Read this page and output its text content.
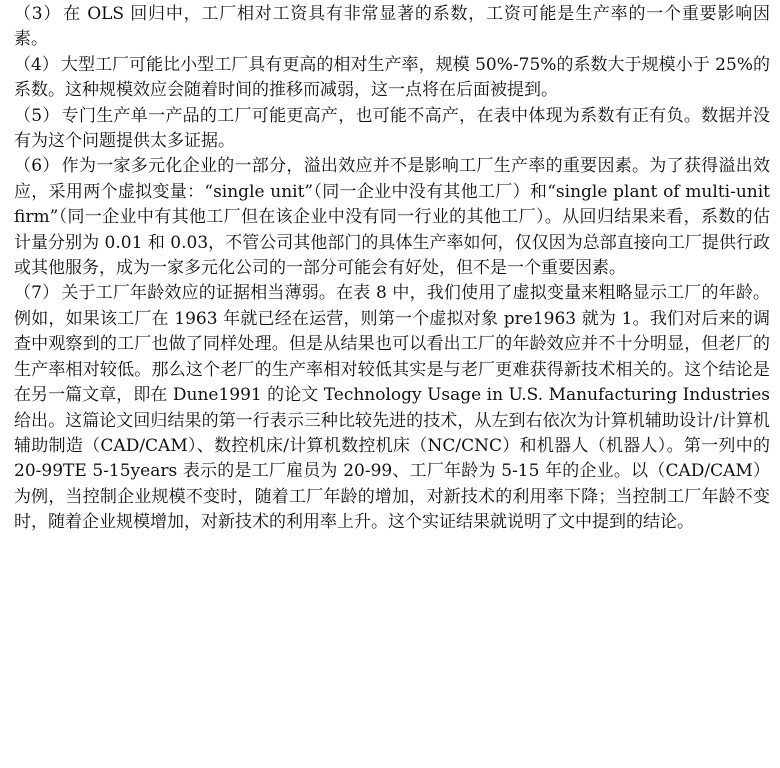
（3） 在 OLS 回归中，工厂相对工资具有非常显著的系数，工资可能是生产率的一个重要影响因素。

（4） 大型工厂可能比小型工厂具有更高的相对生产率，规模 50%-75%的系数大于规模小于 25%的系数。这种规模效应会随着时间的推移而减弱，这一点将在后面被提到。

（5） 专门生产单一产品的工厂可能更高产，也可能不高产，在表中体现为系数有正有负。数据并没有为这个问题提供太多证据。

（6） 作为一家多元化企业的一部分，溢出效应并不是影响工厂生产率的重要因素。为了获得溢出效应，采用两个虚拟变量：“single unit”（同一企业中没有其他工厂）和“single plant of multi-unit firm”（同一企业中有其他工厂但在该企业中没有同一行业的其他工厂）。从回归结果来看，系数的估计量分别为 0.01 和 0.03，不管公司其他部门的具体生产率如何，仅仅因为总部直接向工厂提供行政或其他服务，成为一家多元化公司的一部分可能会有好处，但不是一个重要因素。

（7） 关于工厂年龄效应的证据相当薄弱。在表 8 中，我们使用了虚拟变量来粗略显示工厂的年龄。例如，如果该工厂在 1963 年就已经在运营，则第一个虚拟对象 pre1963 就为 1。我们对后来的调查中观察到的工厂也做了同样处理。但是从结果也可以看出工厂的年龄效应并不十分明显，但老厂的生产率相对较低。那么这个老厂的生产率相对较低其实是与老厂更难获得新技术相关的。这个结论是在另一篇文章，即在 Dune1991 的论文 Technology Usage in U.S. Manufacturing Industries 给出。这篇论文回归结果的第一行表示三种比较先进的技术，从左到右依次为计算机辅助设计/计算机辅助制造（CAD/CAM）、数控机床/计算机数控机床（NC/CNC）和机器人（机器人）。第一列中的 20-99TE 5-15years 表示的是工厂雇员为 20-99、工厂年龄为 5-15 年的企业。以（CAD/CAM）为例，当控制企业规模不变时，随着工厂年龄的增加，对新技术的利用率下降；当控制工厂年龄不变时，随着企业规模增加，对新技术的利用率上升。这个实证结果就说明了文中提到的结论。
